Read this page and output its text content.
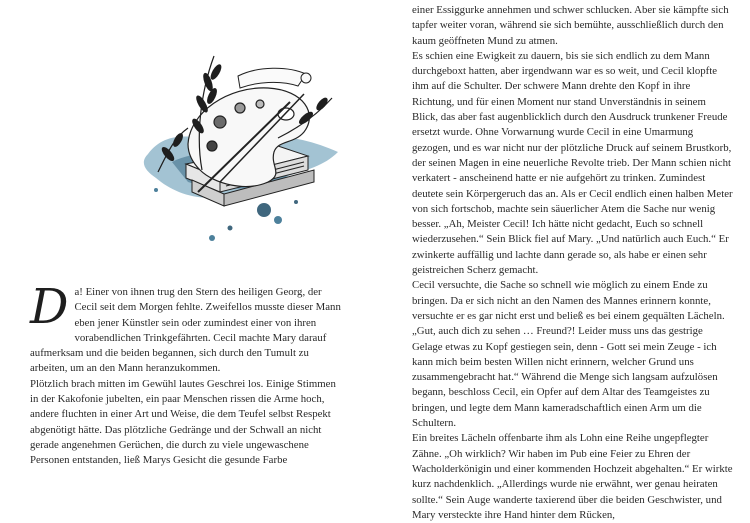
D a! Einer von ihnen trug den Stern des heiligen Georg, der Cecil seit dem Morgen fehlte. Zweifellos musste dieser Mann eben jener Künstler sein oder zumindest einer von ihren vorabendlichen Trinkgefährten. Cecil machte Mary darauf aufmerksam und die beiden begannen, sich durch den Tumult zu arbeiten, um an den Mann heranzukommen.
Plötzlich brach mitten im Gewühl lautes Geschrei los. Einige Stimmen in der Kakofonie jubelten, ein paar Menschen rissen die Arme hoch, andere fluchten in einer Art und Weise, die dem Teufel selbst Respekt abgenötigt hätte. Das plötzliche Gedränge und der Schwall an nicht gerade angenehmen Gerüchen, die durch zu viele ungewaschene Personen entstanden, ließ Marys Gesicht die gesunde Farbe

einer Essiggurke annehmen und schwer schlucken. Aber sie kämpfte sich tapfer weiter voran, während sie sich bemühte, ausschließlich durch den kaum geöffneten Mund zu atmen.

Es schien eine Ewigkeit zu dauern, bis sie sich endlich zu dem Mann durchgeboxt hatten, aber irgendwann war es so weit, und Cecil klopfte ihm auf die Schulter. Der schwere Mann drehte den Kopf in ihre Richtung, und für einen Moment nur stand Unverständnis in seinem Blick, das aber fast augenblicklich durch den Ausdruck trunkener Freude ersetzt wurde. Ohne Vorwarnung wurde Cecil in eine Umarmung gezogen, und es war nicht nur der plötzliche Druck auf seinem Brustkorb, der seinen Magen in eine neuerliche Revolte trieb. Der Mann schien nicht verkatert - anscheinend hatte er nie aufgehört zu trinken. Zumindest deutete sein Körpergeruch das an. Als er Cecil endlich einen halben Meter von sich fortschob, machte sein säuerlicher Atem die Sache nur wenig besser. „Ah, Meister Cecil! Ich hätte nicht gedacht, Euch so schnell wiederzusehen.“ Sein Blick fiel auf Mary. „Und natürlich auch Euch.“ Er zwinkerte auffällig und lachte dann gerade so, als habe er einen sehr geistreichen Scherz gemacht.

Cecil versuchte, die Sache so schnell wie möglich zu einem Ende zu bringen. Da er sich nicht an den Namen des Mannes erinnern konnte, versuchte er es gar nicht erst und beließ es bei einem gequälten Lächeln. „Gut, auch dich zu sehen … Freund?! Leider muss uns das gestrige Gelage etwas zu Kopf gestiegen sein, denn - Gott sei mein Zeuge - ich kann mich beim besten Willen nicht erinnern, welcher Grund uns zusammengebracht hat.“ Während die Menge sich langsam aufzulösen begann, beschloss Cecil, ein Opfer auf dem Altar des Teamgeistes zu bringen, und legte dem Mann kameradschaftlich einen Arm um die Schultern.

Ein breites Lächeln offenbarte ihm als Lohn eine Reihe ungepflegter Zähne. „Oh wirklich? Wir haben im Pub eine Feier zu Ehren der Wacholderkönigin und einer kommenden Hochzeit abgehalten.“ Er wirkte kurz nachdenklich. „Allerdings wurde nie erwähnt, wer genau heiraten sollte.“ Sein Auge wanderte taxierend über die beiden Geschwister, und Mary versteckte ihre Hand hinter dem Rücken,
